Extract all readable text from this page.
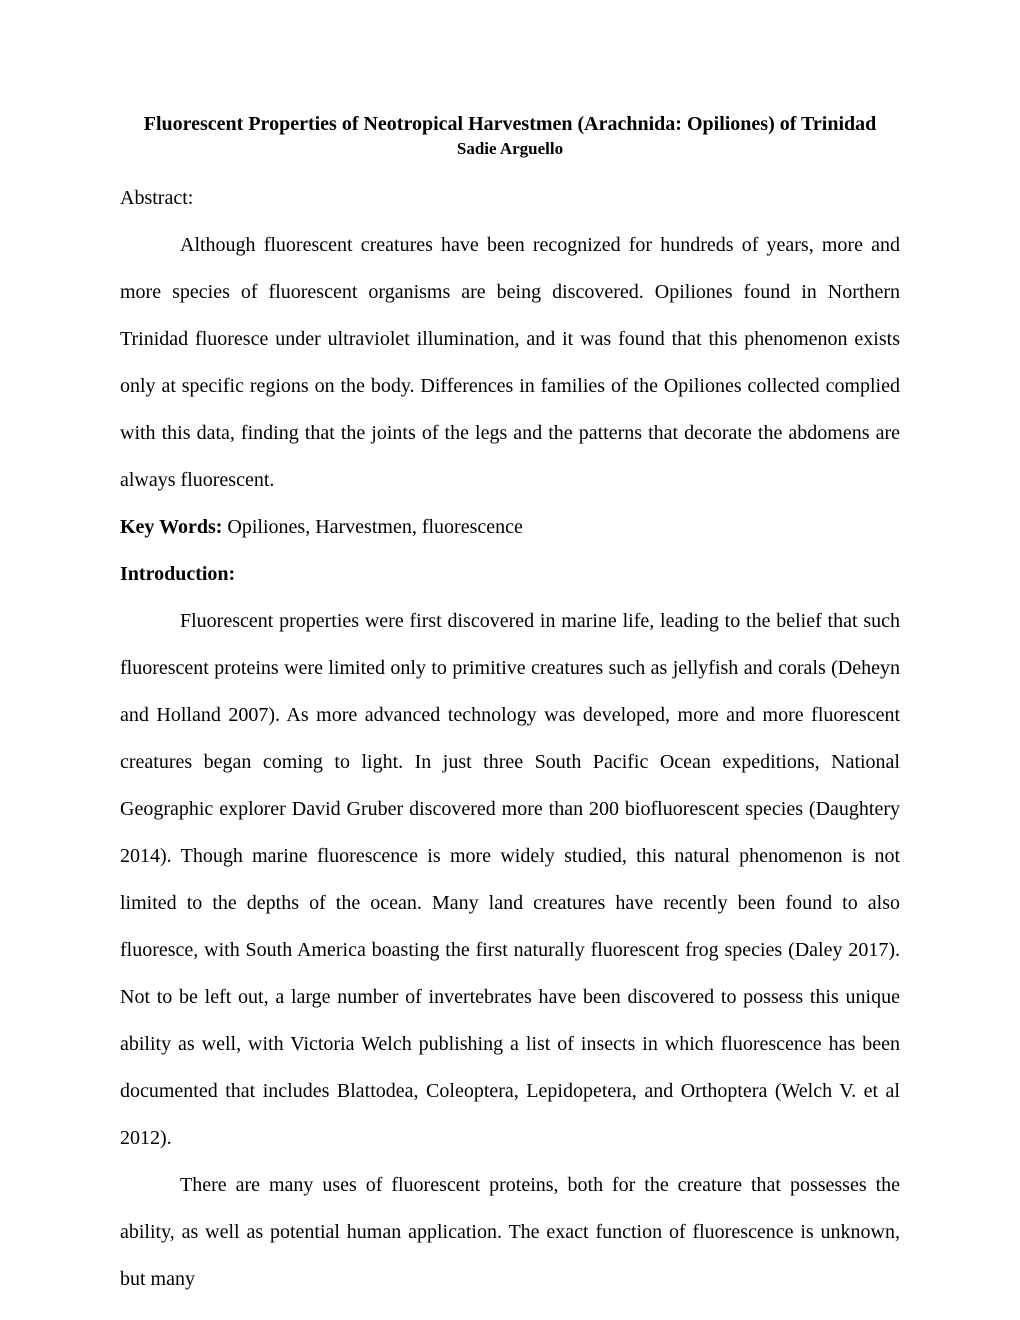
Fluorescent Properties of Neotropical Harvestmen (Arachnida: Opiliones) of Trinidad
Sadie Arguello
Abstract:

Although fluorescent creatures have been recognized for hundreds of years, more and more species of fluorescent organisms are being discovered. Opiliones found in Northern Trinidad fluoresce under ultraviolet illumination, and it was found that this phenomenon exists only at specific regions on the body. Differences in families of the Opiliones collected complied with this data, finding that the joints of the legs and the patterns that decorate the abdomens are always fluorescent.

Key Words: Opiliones, Harvestmen, fluorescence
Introduction:

Fluorescent properties were first discovered in marine life, leading to the belief that such fluorescent proteins were limited only to primitive creatures such as jellyfish and corals (Deheyn and Holland 2007). As more advanced technology was developed, more and more fluorescent creatures began coming to light. In just three South Pacific Ocean expeditions, National Geographic explorer David Gruber discovered more than 200 biofluorescent species (Daughtery 2014). Though marine fluorescence is more widely studied, this natural phenomenon is not limited to the depths of the ocean. Many land creatures have recently been found to also fluoresce, with South America boasting the first naturally fluorescent frog species (Daley 2017). Not to be left out, a large number of invertebrates have been discovered to possess this unique ability as well, with Victoria Welch publishing a list of insects in which fluorescence has been documented that includes Blattodea, Coleoptera, Lepidopetera, and Orthoptera (Welch V. et al 2012).

There are many uses of fluorescent proteins, both for the creature that possesses the ability, as well as potential human application. The exact function of fluorescence is unknown, but many
